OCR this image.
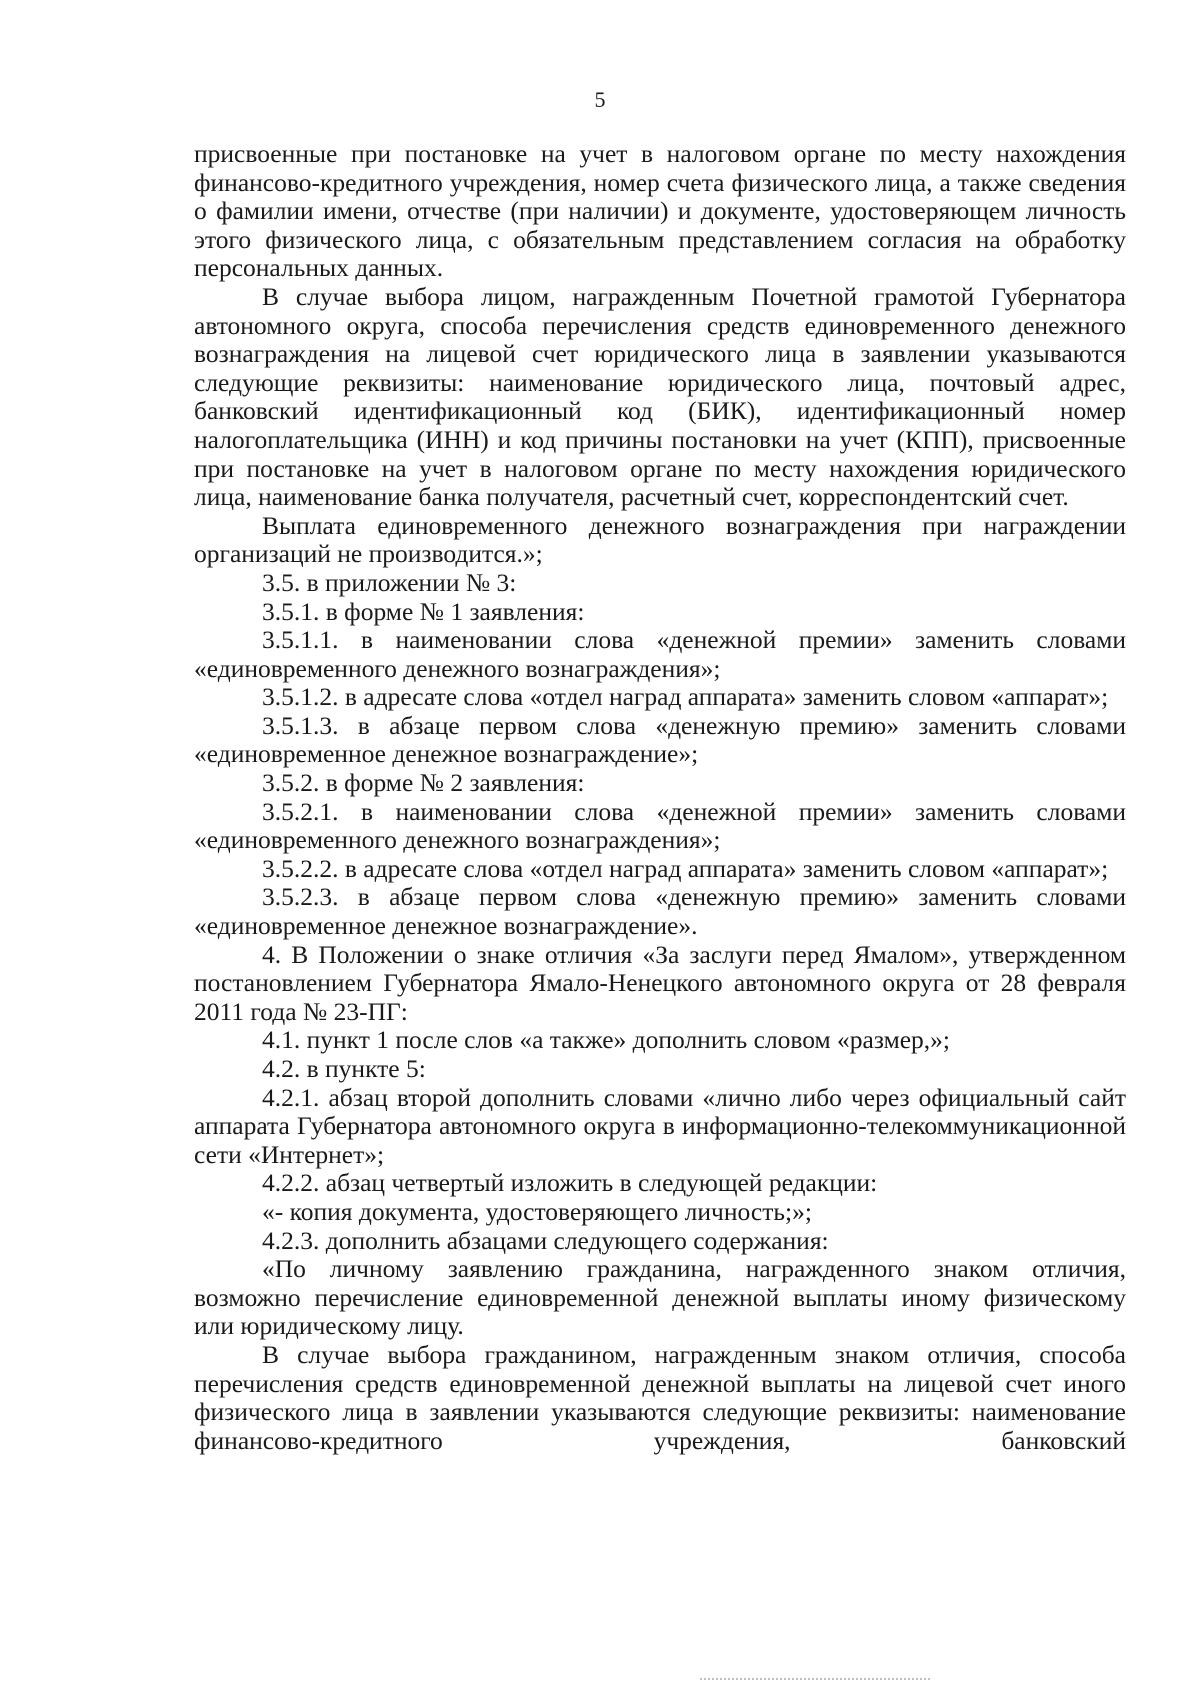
5

присвоенные при постановке на учет в налоговом органе по месту нахождения финансово-кредитного учреждения, номер счета физического лица, а также сведения о фамилии имени, отчестве (при наличии) и документе, удостоверяющем личность этого физического лица, с обязательным представлением согласия на обработку персональных данных.

В случае выбора лицом, награжденным Почетной грамотой Губернатора автономного округа, способа перечисления средств единовременного денежного вознаграждения на лицевой счет юридического лица в заявлении указываются следующие реквизиты: наименование юридического лица, почтовый адрес, банковский идентификационный код (БИК), идентификационный номер налогоплательщика (ИНН) и код причины постановки на учет (КПП), присвоенные при постановке на учет в налоговом органе по месту нахождения юридического лица, наименование банка получателя, расчетный счет, корреспондентский счет.

Выплата единовременного денежного вознаграждения при награждении организаций не производится.»;

3.5. в приложении № 3:

3.5.1. в форме № 1 заявления:

3.5.1.1. в наименовании слова «денежной премии» заменить словами «единовременного денежного вознаграждения»;

3.5.1.2. в адресате слова «отдел наград аппарата» заменить словом «аппарат»;

3.5.1.3. в абзаце первом слова «денежную премию» заменить словами «единовременное денежное вознаграждение»;

3.5.2. в форме № 2 заявления:

3.5.2.1. в наименовании слова «денежной премии» заменить словами «единовременного денежного вознаграждения»;

3.5.2.2. в адресате слова «отдел наград аппарата» заменить словом «аппарат»;

3.5.2.3. в абзаце первом слова «денежную премию» заменить словами «единовременное денежное вознаграждение».

4. В Положении о знаке отличия «За заслуги перед Ямалом», утвержденном постановлением Губернатора Ямало-Ненецкого автономного округа от 28 февраля 2011 года № 23-ПГ:

4.1. пункт 1 после слов «а также» дополнить словом «размер,»;

4.2. в пункте 5:

4.2.1. абзац второй дополнить словами «лично либо через официальный сайт аппарата Губернатора автономного округа в информационно-телекоммуникационной сети «Интернет»;

4.2.2. абзац четвертый изложить в следующей редакции:

«- копия документа, удостоверяющего личность;»;

4.2.3. дополнить абзацами следующего содержания:

«По личному заявлению гражданина, награжденного знаком отличия, возможно перечисление единовременной денежной выплаты иному физическому или юридическому лицу.

В случае выбора гражданином, награжденным знаком отличия, способа перечисления средств единовременной денежной выплаты на лицевой счет иного физического лица в заявлении указываются следующие реквизиты: наименование финансово-кредитного учреждения, банковский
